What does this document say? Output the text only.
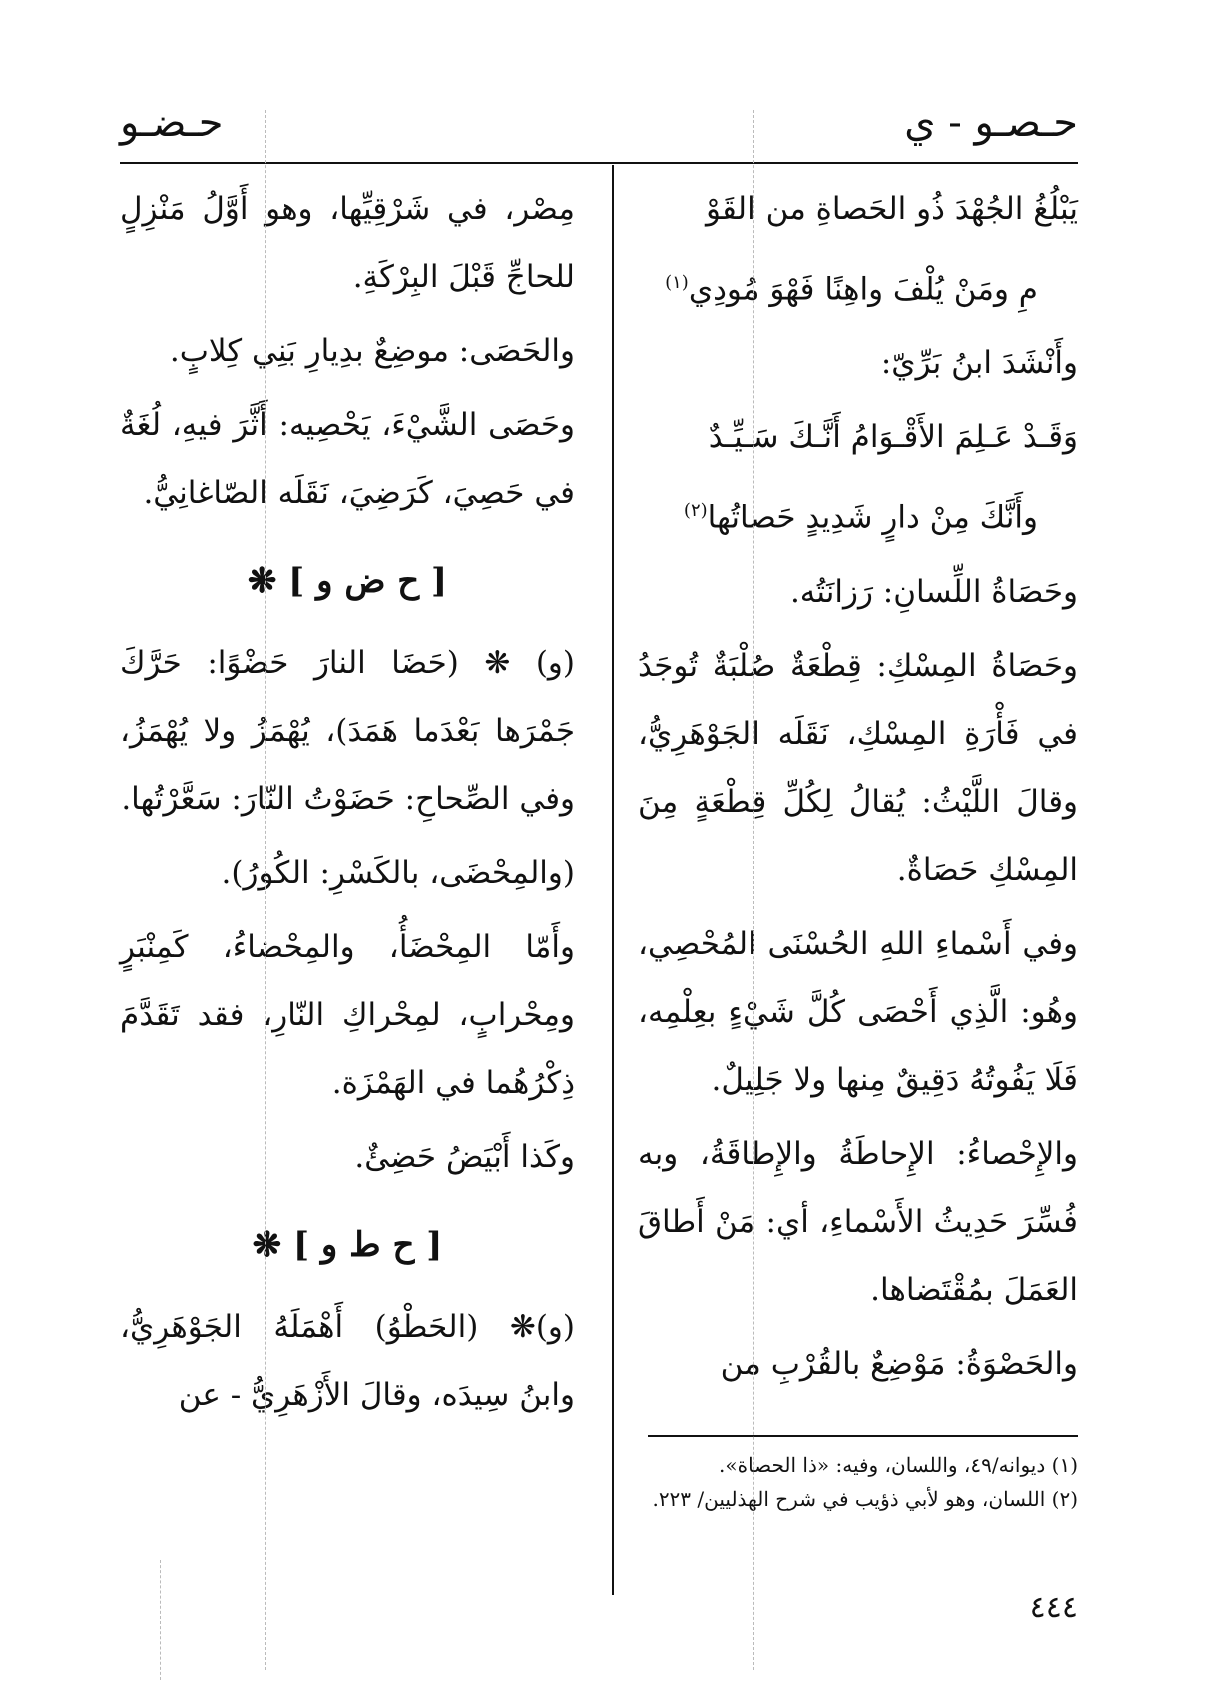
حـصـو - ي
حـضـو

يَبْلُغُ الجُهْدَ ذُو الحَصاةِ من القَوْ

مِ ومَنْ يُلْفَ واهِنًا فَهْوَ مُودِي$^{(١)}$

وأَنْشَدَ ابنُ بَرِّيّ:

وَقَـدْ عَـلِمَ الأَقْـوَامُ أَنَّـكَ سَـيِّـدٌ

وأَنَّكَ مِنْ دارٍ شَدِيدٍ حَصاتُها$^{(٢)}$

وحَصَاةُ اللِّسانِ: رَزانَتُه.

وحَصَاةُ المِسْكِ: قِطْعَةٌ صُلْبَةٌ تُوجَدُ في فَأْرَةِ المِسْكِ، نَقَلَه الجَوْهَرِيُّ، وقالَ اللَّيْثُ: يُقالُ لِكُلِّ قِطْعَةٍ مِنَ المِسْكِ حَصَاةٌ.

وفي أَسْماءِ اللهِ الحُسْنَى المُحْصِي، وهُو: الَّذِي أَحْصَى كُلَّ شَيْءٍ بعِلْمِه، فَلَا يَفُوتُهُ دَقِيقٌ مِنها ولا جَلِيلٌ.

والإِحْصاءُ: الإِحاطَةُ والإِطاقَةُ، وبه فُسِّرَ حَدِيثُ الأَسْماءِ، أي: مَنْ أَطاقَ العَمَلَ بمُقْتَضاها.

والحَصْوَةُ: مَوْضِعٌ بالقُرْبِ من

مِصْر، في شَرْقِيِّها، وهو أَوَّلُ مَنْزِلٍ للحاجِّ قَبْلَ البِرْكَةِ.

والحَصَى: موضِعٌ بدِيارِ بَنِي كِلابٍ.

وحَصَى الشَّيْءَ، يَحْصِيه: أَثَّرَ فيهِ، لُغَةٌ في حَصِيَ، كَرَضِيَ، نَقَلَه الصّاغانِيُّ.

[ ح ض و ] ❋

(و) ❋ (حَضَا النارَ حَضْوًا: حَرَّكَ جَمْرَها بَعْدَما هَمَدَ)، يُهْمَزُ ولا يُهْمَزُ، وفي الصِّحاحِ: حَضَوْتُ النّارَ: سَعَّرْتُها.

(والمِحْضَى، بالكَسْرِ: الكُورُ).

وأَمّا المِحْضَأُ، والمِحْضاءُ، كَمِنْبَرٍ ومِحْرابٍ، لمِحْراكِ النّارِ، فقد تَقَدَّمَ ذِكْرُهُما في الهَمْزَة.

وكَذا أَبْيَضُ حَضِئٌ.

[ ح ط و ] ❋

(و)❋ (الحَطْوُ) أَهْمَلَهُ الجَوْهَرِيُّ، وابنُ سِيدَه، وقالَ الأَزْهَرِيُّ - عن

(١) ديوانه/٤٩، واللسان، وفيه: «ذا الحصاة».

(٢) اللسان، وهو لأبي ذؤيب في شرح الهذليين/ ٢٢٣.

٤٤٤
